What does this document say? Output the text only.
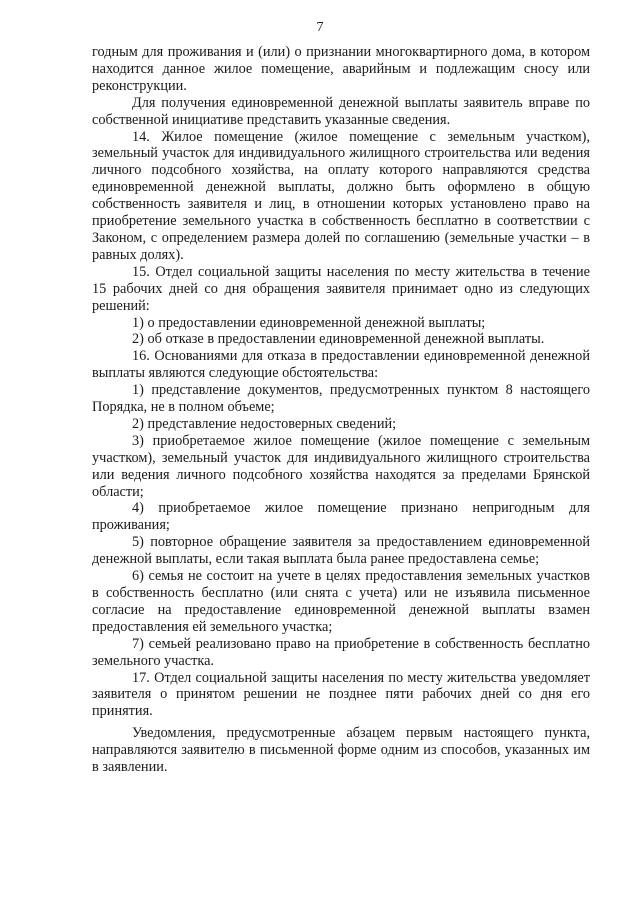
7

годным для проживания и (или) о признании многоквартирного дома, в котором находится данное жилое помещение, аварийным и подлежащим сносу или реконструкции.

Для получения единовременной денежной выплаты заявитель вправе по собственной инициативе представить указанные сведения.

14. Жилое помещение (жилое помещение с земельным участком), земельный участок для индивидуального жилищного строительства или ведения личного подсобного хозяйства, на оплату которого направляются средства единовременной денежной выплаты, должно быть оформлено в общую собственность заявителя и лиц, в отношении которых установлено право на приобретение земельного участка в собственность бесплатно в соответствии с Законом, с определением размера долей по соглашению (земельные участки – в равных долях).

15. Отдел социальной защиты населения по месту жительства в течение 15 рабочих дней со дня обращения заявителя принимает одно из следующих решений:

1) о предоставлении единовременной денежной выплаты;

2) об отказе в предоставлении единовременной денежной выплаты.

16. Основаниями для отказа в предоставлении единовременной денежной выплаты являются следующие обстоятельства:

1) представление документов, предусмотренных пунктом 8 настоящего Порядка, не в полном объеме;

2) представление недостоверных сведений;

3) приобретаемое жилое помещение (жилое помещение с земельным участком), земельный участок для индивидуального жилищного строительства или ведения личного подсобного хозяйства находятся за пределами Брянской области;

4) приобретаемое жилое помещение признано непригодным для проживания;

5) повторное обращение заявителя за предоставлением единовременной денежной выплаты, если такая выплата была ранее предоставлена семье;

6) семья не состоит на учете в целях предоставления земельных участков в собственность бесплатно (или снята с учета) или не изъявила письменное согласие на предоставление единовременной денежной выплаты взамен предоставления ей земельного участка;

7) семьей реализовано право на приобретение в собственность бесплатно земельного участка.

17. Отдел социальной защиты населения по месту жительства уведомляет заявителя о принятом решении не позднее пяти рабочих дней со дня его принятия.

Уведомления, предусмотренные абзацем первым настоящего пункта, направляются заявителю в письменной форме одним из способов, указанных им в заявлении.
